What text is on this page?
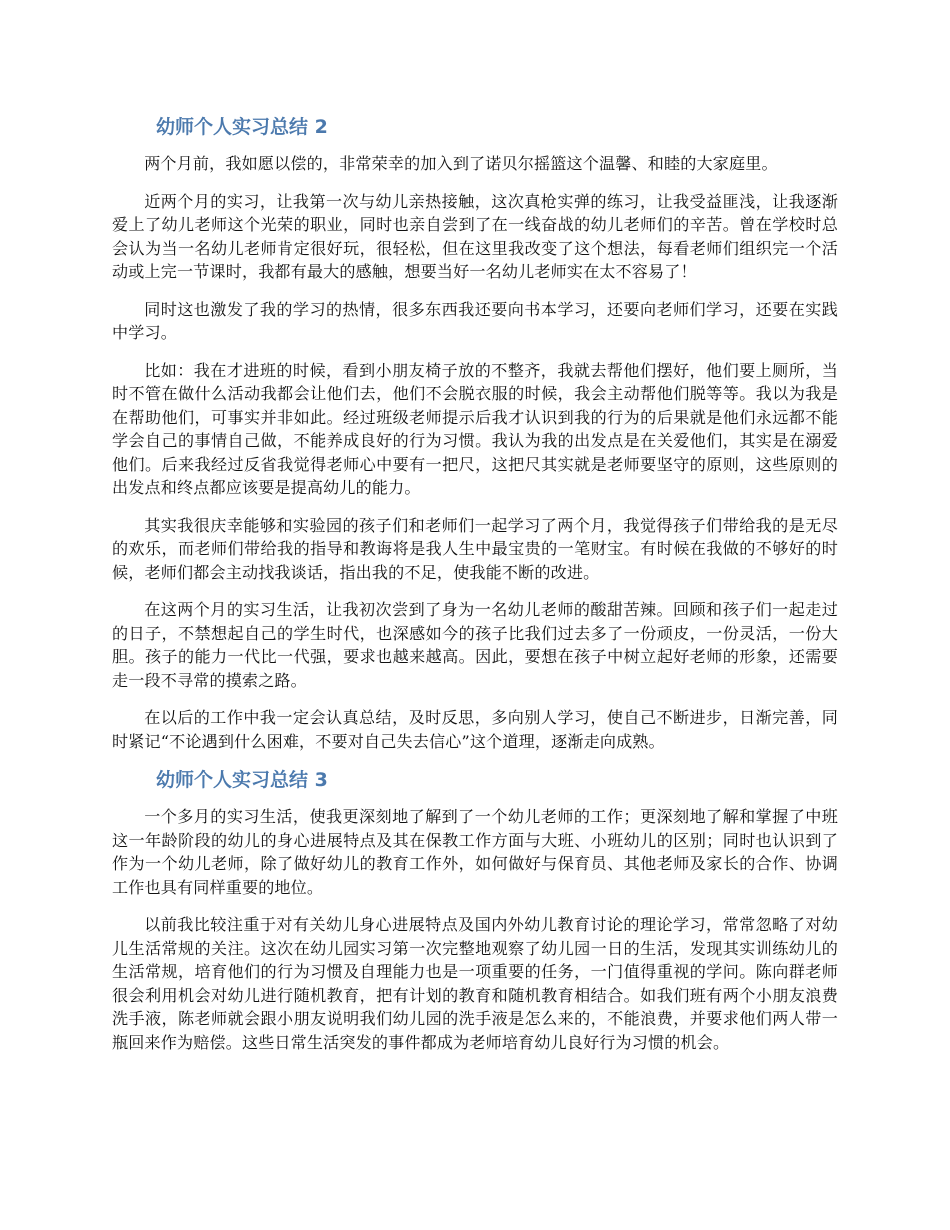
幼师个人实习总结 2

两个月前，我如愿以偿的，非常荣幸的加入到了诺贝尔摇篮这个温馨、和睦的大家庭里。

近两个月的实习，让我第一次与幼儿亲热接触，这次真枪实弹的练习，让我受益匪浅，让我逐渐爱上了幼儿老师这个光荣的职业，同时也亲自尝到了在一线奋战的幼儿老师们的辛苦。曾在学校时总会认为当一名幼儿老师肯定很好玩，很轻松，但在这里我改变了这个想法，每看老师们组织完一个活动或上完一节课时，我都有最大的感触，想要当好一名幼儿老师实在太不容易了！

同时这也激发了我的学习的热情，很多东西我还要向书本学习，还要向老师们学习，还要在实践中学习。

比如：我在才进班的时候，看到小朋友椅子放的不整齐，我就去帮他们摆好，他们要上厕所，当时不管在做什么活动我都会让他们去，他们不会脱衣服的时候，我会主动帮他们脱等等。我以为我是在帮助他们，可事实并非如此。经过班级老师提示后我才认识到我的行为的后果就是他们永远都不能学会自己的事情自己做，不能养成良好的行为习惯。我认为我的出发点是在关爱他们，其实是在溺爱他们。后来我经过反省我觉得老师心中要有一把尺，这把尺其实就是老师要坚守的原则，这些原则的出发点和终点都应该要是提高幼儿的能力。

其实我很庆幸能够和实验园的孩子们和老师们一起学习了两个月，我觉得孩子们带给我的是无尽的欢乐，而老师们带给我的指导和教诲将是我人生中最宝贵的一笔财宝。有时候在我做的不够好的时候，老师们都会主动找我谈话，指出我的不足，使我能不断的改进。

在这两个月的实习生活，让我初次尝到了身为一名幼儿老师的酸甜苦辣。回顾和孩子们一起走过的日子，不禁想起自己的学生时代，也深感如今的孩子比我们过去多了一份顽皮，一份灵活，一份大胆。孩子的能力一代比一代强，要求也越来越高。因此，要想在孩子中树立起好老师的形象，还需要走一段不寻常的摸索之路。

在以后的工作中我一定会认真总结，及时反思，多向别人学习，使自己不断进步，日渐完善，同时紧记“不论遇到什么困难，不要对自己失去信心”这个道理，逐渐走向成熟。

幼师个人实习总结 3

一个多月的实习生活，使我更深刻地了解到了一个幼儿老师的工作；更深刻地了解和掌握了中班这一年龄阶段的幼儿的身心进展特点及其在保教工作方面与大班、小班幼儿的区别；同时也认识到了作为一个幼儿老师，除了做好幼儿的教育工作外，如何做好与保育员、其他老师及家长的合作、协调工作也具有同样重要的地位。

以前我比较注重于对有关幼儿身心进展特点及国内外幼儿教育讨论的理论学习，常常忽略了对幼儿生活常规的关注。这次在幼儿园实习第一次完整地观察了幼儿园一日的生活，发现其实训练幼儿的生活常规，培育他们的行为习惯及自理能力也是一项重要的任务，一门值得重视的学问。陈向群老师很会利用机会对幼儿进行随机教育，把有计划的教育和随机教育相结合。如我们班有两个小朋友浪费洗手液，陈老师就会跟小朋友说明我们幼儿园的洗手液是怎么来的，不能浪费，并要求他们两人带一瓶回来作为赔偿。这些日常生活突发的事件都成为老师培育幼儿良好行为习惯的机会。
